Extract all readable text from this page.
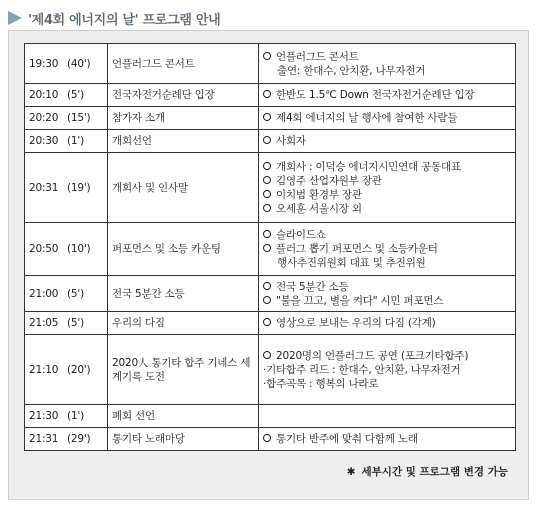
'제4회 에너지의 날' 프로그램 안내
19:30 (40')	언플러그드 콘서트	언플러그드 콘서트
출연: 한대수, 안치환, 나무자전거

20:10 (5')	전국자전거순례단 입장	한반도 1.5℃ Down 전국자전거순례단 입장

20:20 (15')	참가자 소개	제4회 에너지의 날 행사에 참여한 사람들

20:30 (1')	개회선언	사회자

20:31 (19')	개회사 및 인사말	개회사 : 이덕승 에너지시민연대 공동대표
김영주 산업자원부 장관
이치범 환경부 장관
오세훈 서울시장 외

20:50 (10')	퍼포먼스 및 소등 카운팅	슬라이드쇼
플러그 뽑기 퍼포먼스 및 소등카운터
행사추진위원회 대표 및 추진위원

21:00 (5')	전국 5분간 소등	전국 5분간 소등
"불을 끄고, 별을 켜다" 시민 퍼포먼스

21:05 (5')	우리의 다짐	영상으로 보내는 우리의 다짐 (각계)

21:10 (20')	2020人 통기타 합주 기네스 세계기록 도전	2020명의 언플러그드 공연 (포크기타합주)
·기타합주 리드 : 한대수, 안치환, 나무자전거
·합주곡목 : 행복의 나라로

21:30 (1')	폐회 선언	
21:31 (29')	통기타 노래마당	통기타 반주에 맞춰 다함께 노래
✱ 세부시간 및 프로그램 변경 가능
